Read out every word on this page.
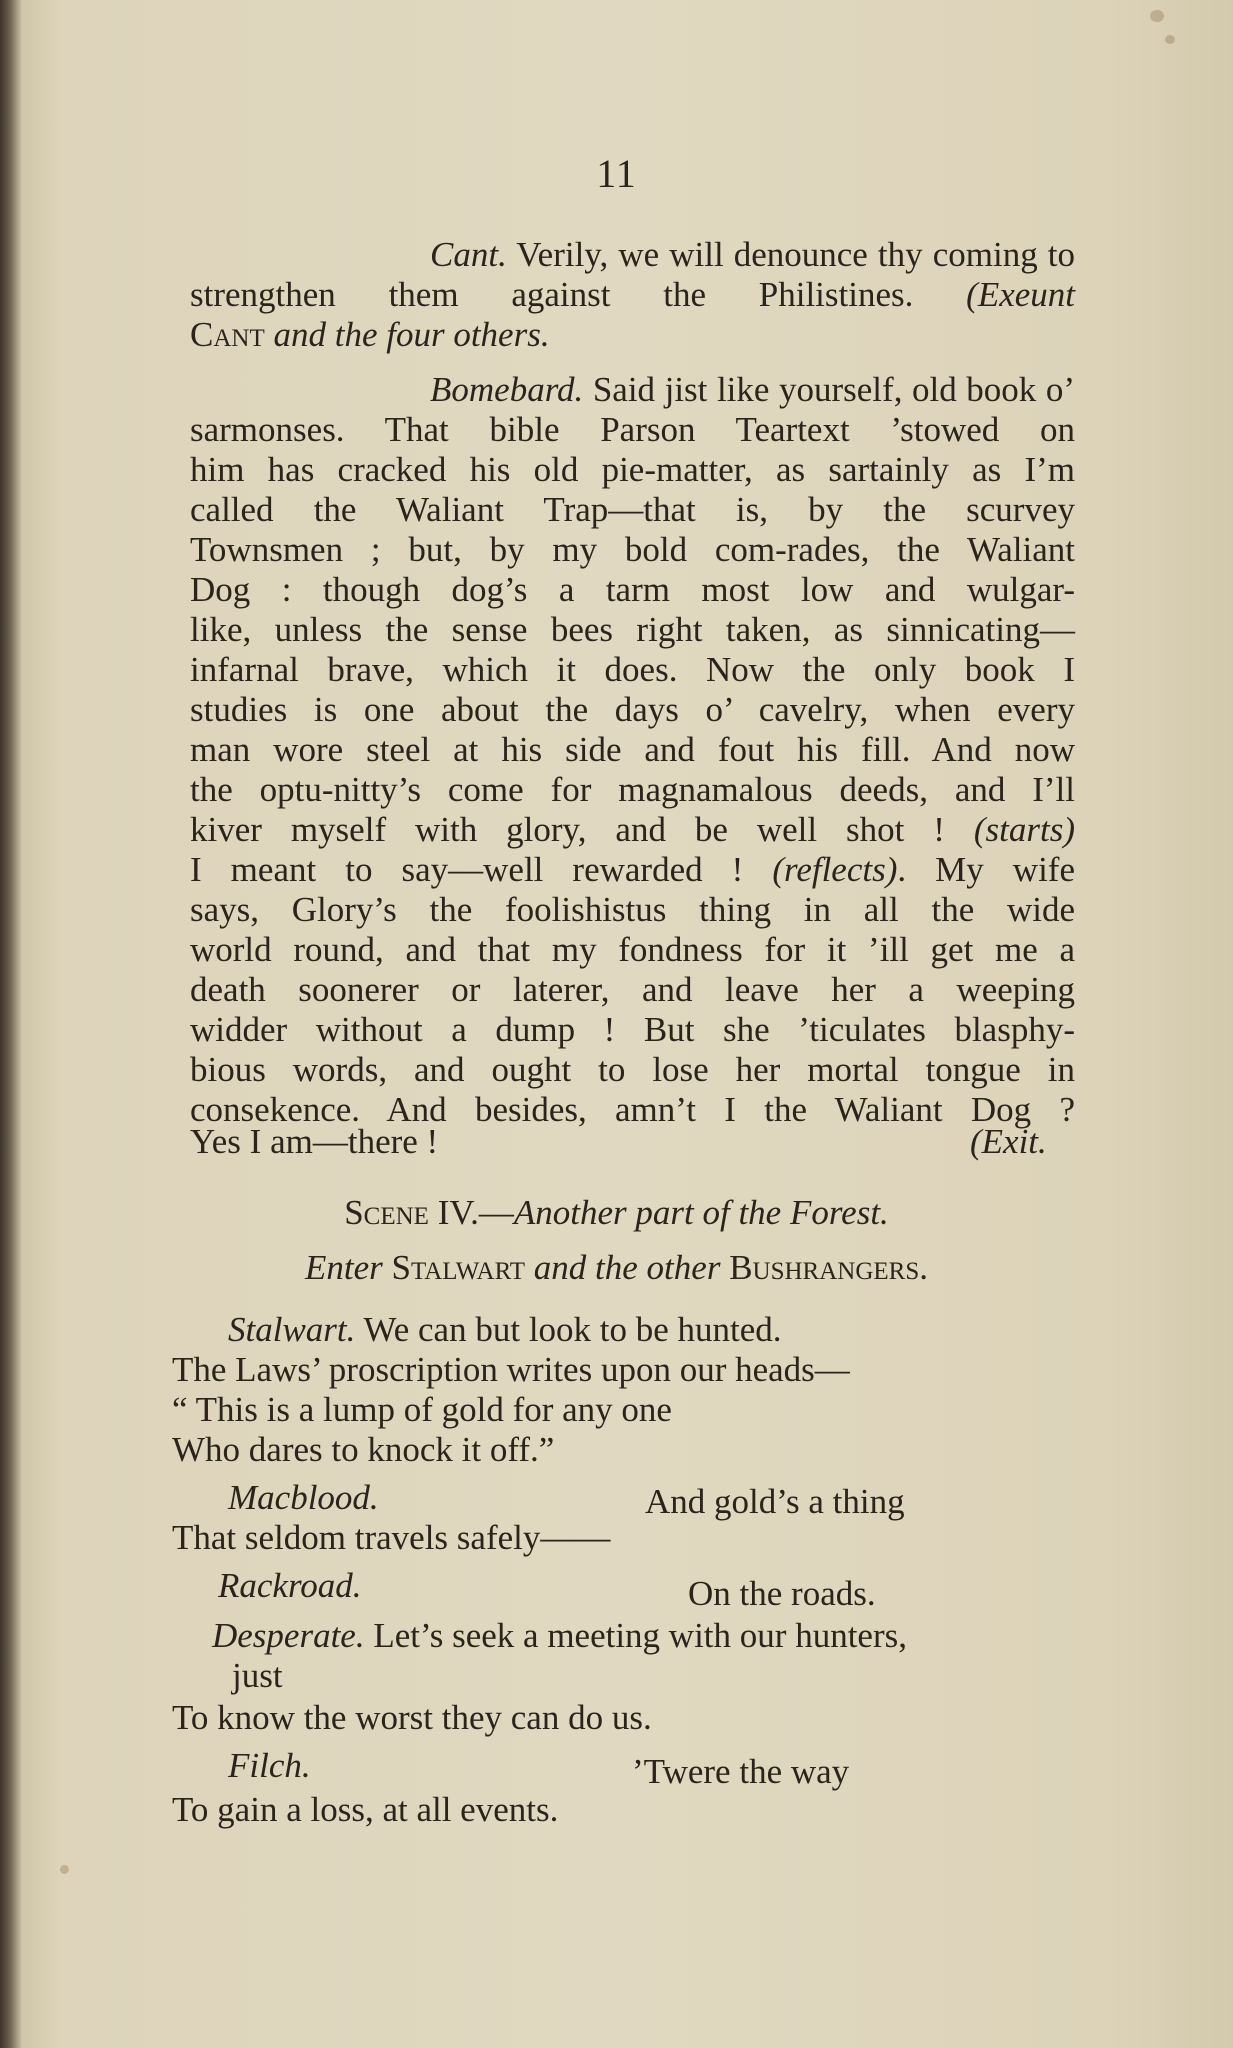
11
Cant. Verily, we will denounce thy coming to
strengthen them against the Philistines. (Exeunt
Cant and the four others.
Bomebard. Said jist like yourself, old book o’
sarmonses. That bible Parson Teartext ’stowed on
him has cracked his old pie-matter, as sartainly as I’m
called the Waliant Trap—that is, by the scurvey
Townsmen ; but, by my bold com-rades, the Waliant
Dog : though dog’s a tarm most low and wulgar-
like, unless the sense bees right taken, as sinnicating—
infarnal brave, which it does. Now the only book I
studies is one about the days o’ cavelry, when every
man wore steel at his side and fout his fill. And now
the optu-nitty’s come for magnamalous deeds, and I’ll
kiver myself with glory, and be well shot ! (starts)
I meant to say—well rewarded ! (reflects). My wife
says, Glory’s the foolishistus thing in all the wide
world round, and that my fondness for it ’ill get me a
death soonerer or laterer, and leave her a weeping
widder without a dump ! But she ’ticulates blasphy-
bious words, and ought to lose her mortal tongue in
consekence. And besides, amn’t I the Waliant Dog ?
Yes I am—there !	(Exit.
Scene IV.—Another part of the Forest.
Enter Stalwart and the other Bushrangers.
Stalwart. We can but look to be hunted.
The Laws’ proscription writes upon our heads—
“ This is a lump of gold for any one
Who dares to knock it off.”
Macblood.	And gold’s a thing
That seldom travels safely——
Rackroad.	On the roads.
Desperate. Let’s seek a meeting with our hunters,
just
To know the worst they can do us.
Filch.	’Twere the way
To gain a loss, at all events.
